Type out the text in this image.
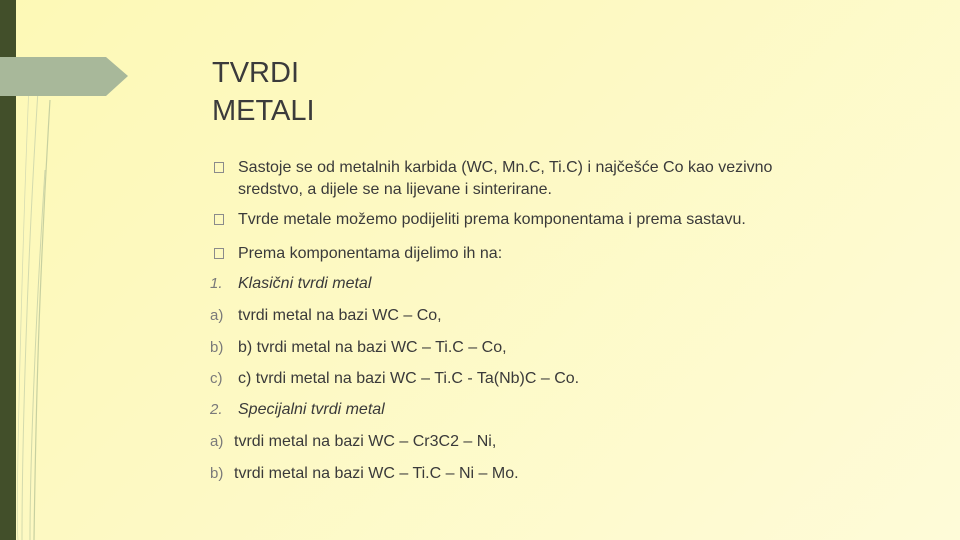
TVRDI
METALI
Sastoje se od metalnih karbida (WC, Mn.C, Ti.C) i najčešće Co kao vezivno
sredstvo, a dijele se na lijevane i sinterirane.
Tvrde metale možemo podijeliti prema komponentama i prema sastavu.
Prema komponentama dijelimo ih na:
1. Klasični tvrdi metal
a) tvrdi metal na bazi WC – Co,
b) b) tvrdi metal na bazi WC – Ti.C – Co,
c) c) tvrdi metal na bazi WC – Ti.C - Ta(Nb)C – Co.
2. Specijalni tvrdi metal
a) tvrdi metal na bazi WC – Cr3C2 – Ni,
b) tvrdi metal na bazi WC – Ti.C – Ni – Mo.
